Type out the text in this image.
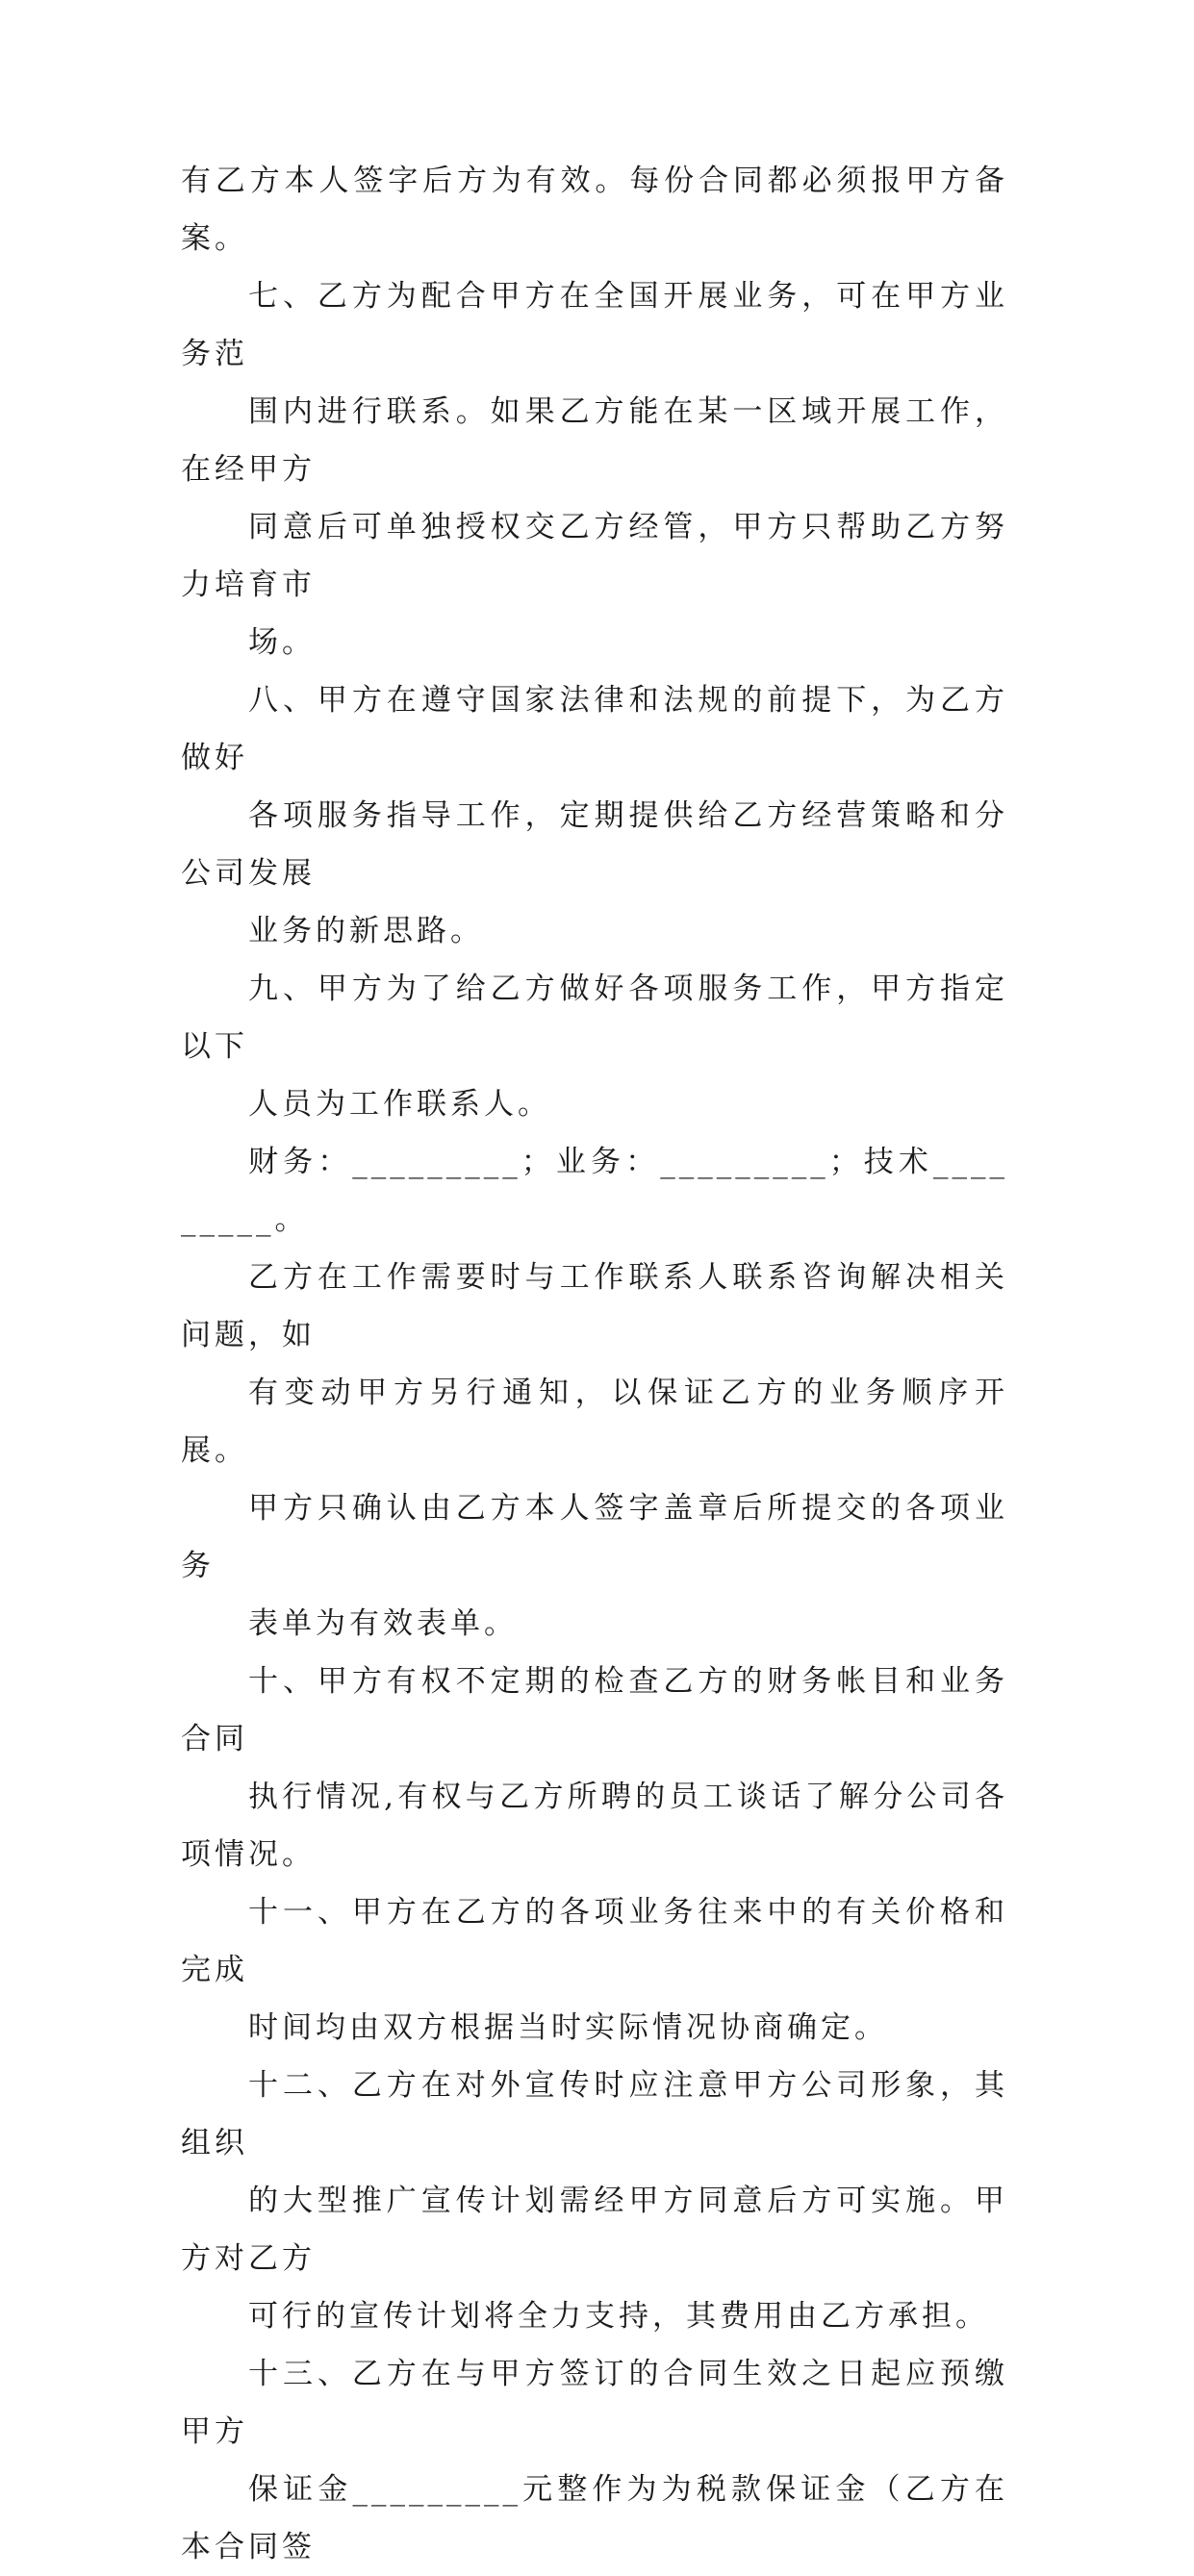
有乙方本人签字后方为有效。每份合同都必须报甲方备案。
七、乙方为配合甲方在全国开展业务，可在甲方业务范
围内进行联系。如果乙方能在某一区域开展工作，在经甲方
同意后可单独授权交乙方经管，甲方只帮助乙方努力培育市
场。
八、甲方在遵守国家法律和法规的前提下，为乙方做好
各项服务指导工作，定期提供给乙方经营策略和分公司发展
业务的新思路。
九、甲方为了给乙方做好各项服务工作，甲方指定以下
人员为工作联系人。
财务：_________；业务：_________；技术_________。
乙方在工作需要时与工作联系人联系咨询解决相关问题，如
有变动甲方另行通知，以保证乙方的业务顺序开展。
甲方只确认由乙方本人签字盖章后所提交的各项业务
表单为有效表单。
十、甲方有权不定期的检查乙方的财务帐目和业务合同
执行情况,有权与乙方所聘的员工谈话了解分公司各项情况。
十一、甲方在乙方的各项业务往来中的有关价格和完成
时间均由双方根据当时实际情况协商确定。
十二、乙方在对外宣传时应注意甲方公司形象，其组织
的大型推广宣传计划需经甲方同意后方可实施。甲方对乙方
可行的宣传计划将全力支持，其费用由乙方承担。
十三、乙方在与甲方签订的合同生效之日起应预缴甲方
保证金_________元整作为为税款保证金（乙方在本合同签
